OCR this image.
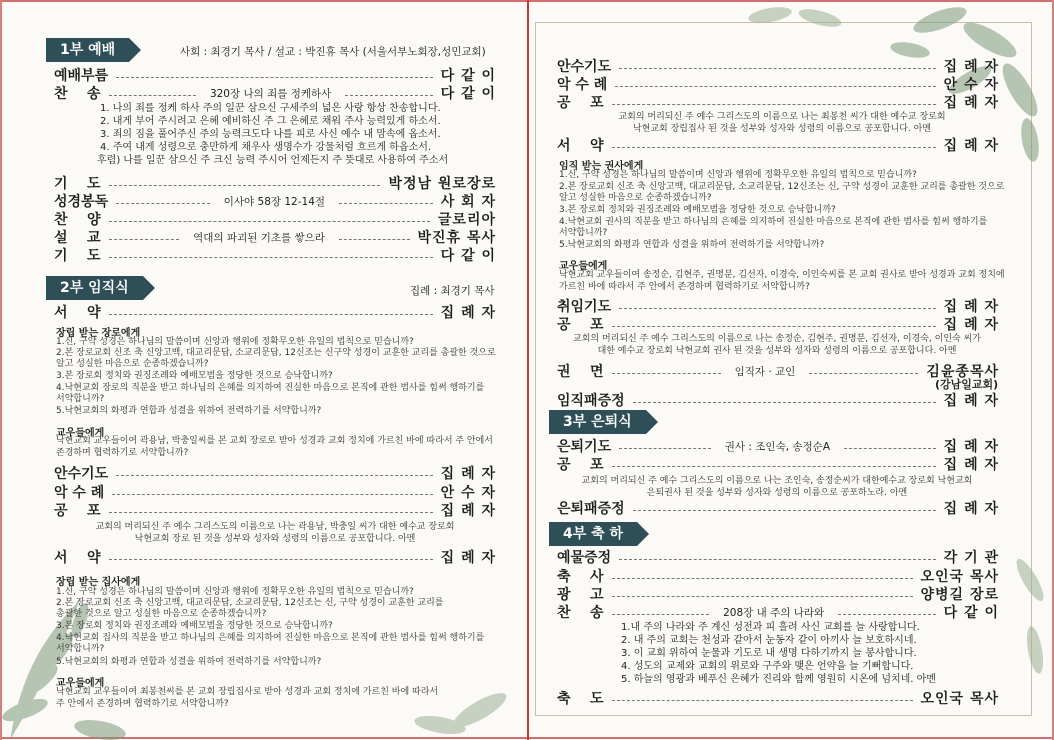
1부 예배	사회 : 최경기 목사 / 설교 : 박진휴 목사 (서울서부노회장,성민교회)
예배부름	다 같 이
찬    송	320장 나의 죄를 정케하사	다 같 이
1. 나의 죄를 정케 하사 주의 일꾼 삼으신 구세주의 넓은 사랑 항상 찬송합니다.
2. 내게 부어 주시려고 은혜 예비하신 주 그 은혜로 채워 주사 능력있게 하소서.
3. 죄의 짐을 풀어주신 주의 능력크도다 나를 피로 사신 예수 내 맘속에 옵소서.
4. 주여 내게 성령으로 충만하게 채우사 생명수가 강물처럼 흐르게 하옵소서.
후렴) 나를 일꾼 삼으신 주 크신 능력 주시어 언제든지 주 뜻대로 사용하여 주소서
기    도	박정남 원로장로
성경봉독	이사야 58장 12-14절	사 회 자
찬    양	글로리아
설    교	역대의 파괴된 기초를 쌓으라	박진휴 목사
기    도	다 같 이
2부 임직식	집례 : 최경기 목사
서    약	집 례 자
장립 받는 장로에게
1.신, 구약 성경은 하나님의 말씀이며 신앙과 행위에 정확무오한 유일의 법칙으로 믿습니까?
2.본 장로교회 신조 축 신앙고백, 대교리문답, 소교리문답, 12신조는 신구약 성경이 교훈한 교리를 총괄한 것으로
알고 성실한 마음으로 순종하겠습니까?
3.본 장로회 정치와 권징조례와 예배모범을 정당한 것으로 승낙합니까?
4.낙현교회 장로의 직분을 받고 하나님의 은혜를 의지하여 진실한 마음으로 본직에 관한 범사를 힘써 행하기를
서약합니까?
5.낙현교회의 화평과 연합과 성결을 위하여 전력하기를 서약합니까?
교우들에게
낙현교회 교우들이여 곽용남, 박충일씨를 본 교회 장로로 받아 성경과 교회 정치에 가르친 바에 따라서 주 안에서
존경하며 협력하기로 서약합니까?
안수기도	집 례 자
악 수 례	안 수 자
공    포	집 례 자
교회의 머리되신 주 예수 그리스도의 이름으로 나는 곽용남, 박충일 씨가 대한 예수교 장로회
낙현교회 장로 된 것을 성부와 성자와 성령의 이름으로 공포합니다. 아멘
서    약	집 례 자
장립 받는 집사에게
1.신, 구약 성경은 하나님의 말씀이며 신앙과 행위에 정확무오한 유일의 법칙으로 믿습니까?
2.본 장로교회 신조 축 신앙고백, 대교리문답, 소교리문답, 12신조는 신, 구약 성경이 교훈한 교리를
총괄한 것으로 알고 성실한 마음으로 순종하겠습니까?
3.본 장로회 정치와 권징조례와 예배모범을 정당한 것으로 승낙합니까?
4.낙현교회 집사의 직분을 받고 하나님의 은혜를 의지하여 진실한 마음으로 본직에 관한 범사를 힘써 행하기를
서약합니까?
5.낙현교회의 화평과 연합과 성결을 위하여 전력하기를 서약합니까?
교우들에게
낙현교회 교우들이여 최봉천씨를 본 교회 장립집사로 받아 성경과 교회 정치에 가르친 바에 따라서
주 안에서 존경하며 협력하기로 서약합니까?
안수기도	집 례 자
악 수 례	안 수 자
공    포	집 례 자
교회의 머리되신 주 예수 그리스도의 이름으로 나는 최봉천 씨가 대한 예수교 장로회
낙현교회 장립집사 된 것을 성부와 성자와 성령의 이름으로 공포합니다. 아멘
서    약	집 례 자
임직 받는 권사에게
1.신, 구약 성경은 하나님의 말씀이며 신앙과 행위에 정확무오한 유일의 법칙으로 믿습니까?
2.본 장로교회 신조 축 신앙고백, 대교리문답, 소교리문답, 12신조는 신, 구약 성경이 교훈한 교리를 총괄한 것으로
알고 성실한 마음으로 순종하겠습니까?
3.본 장로회 정치와 권징조례와 예배모범을 정당한 것으로 승낙합니까?
4.낙현교회 권사의 직분을 받고 하나님의 은혜를 의지하여 진실한 마음으로 본직에 관한 범사를 힘써 행하기를
서약합니까?
5.낙현교회의 화평과 연합과 성결을 위하여 전력하기를 서약합니까?
교우들에게
낙현교회 교우들이여 송정순, 김현주, 권명분, 김선자, 이경숙, 이인숙씨를 본 교회 권사로 받아 성경과 교회 정치에
가르친 바에 따라서 주 안에서 존경하며 협력하기로 서약합니까?
취임기도	집 례 자
공    포	집 례 자
교회의 머리되신 주 예수 그리스도의 이름으로 나는 송정순, 김현주, 권명분, 김선자, 이경숙, 이인숙 씨가
대한 예수교 장로회 낙현교회 권사 된 것을 성부와 성자와 성령의 이름으로 공포합니다. 아멘
권    면	임직자 · 교인	김윤종목사
(강남일교회)
임직패증정	집 례 자
3부 은퇴식
은퇴기도	권사 : 조인숙, 송정순A	집 례 자
공    포	집 례 자
교회의 머리되신 주 예수 그리스도의 이름으로 나는 조인숙, 송정순씨가 대한예수교 장로회 낙현교회
은퇴권사 된 것을 성부와 성자와 성령의 이름으로 공포하노라. 아멘
은퇴패증정	집 례 자
4부 축 하
예물증정	각 기 관
축    사	오인국 목사
광    고	양병길 장로
찬    송	208장 내 주의 나라와	다 같 이
1.내 주의 나라와 주 계신 성전과 피 흘려 사신 교회를 늘 사랑합니다.
2. 내 주의 교회는 천성과 같아서 눈동자 같이 아끼사 늘 보호하시네.
3. 이 교회 위하여 눈물과 기도로 내 생명 다하기까지 늘 봉사합니다.
4. 성도의 교제와 교회의 위로와 구주와 맺은 언약을 늘 기뻐합니다.
5. 하늘의 영광과 베푸신 은혜가 진리와 함께 영원히 시온에 넘치네. 아멘
축    도	오인국 목사
